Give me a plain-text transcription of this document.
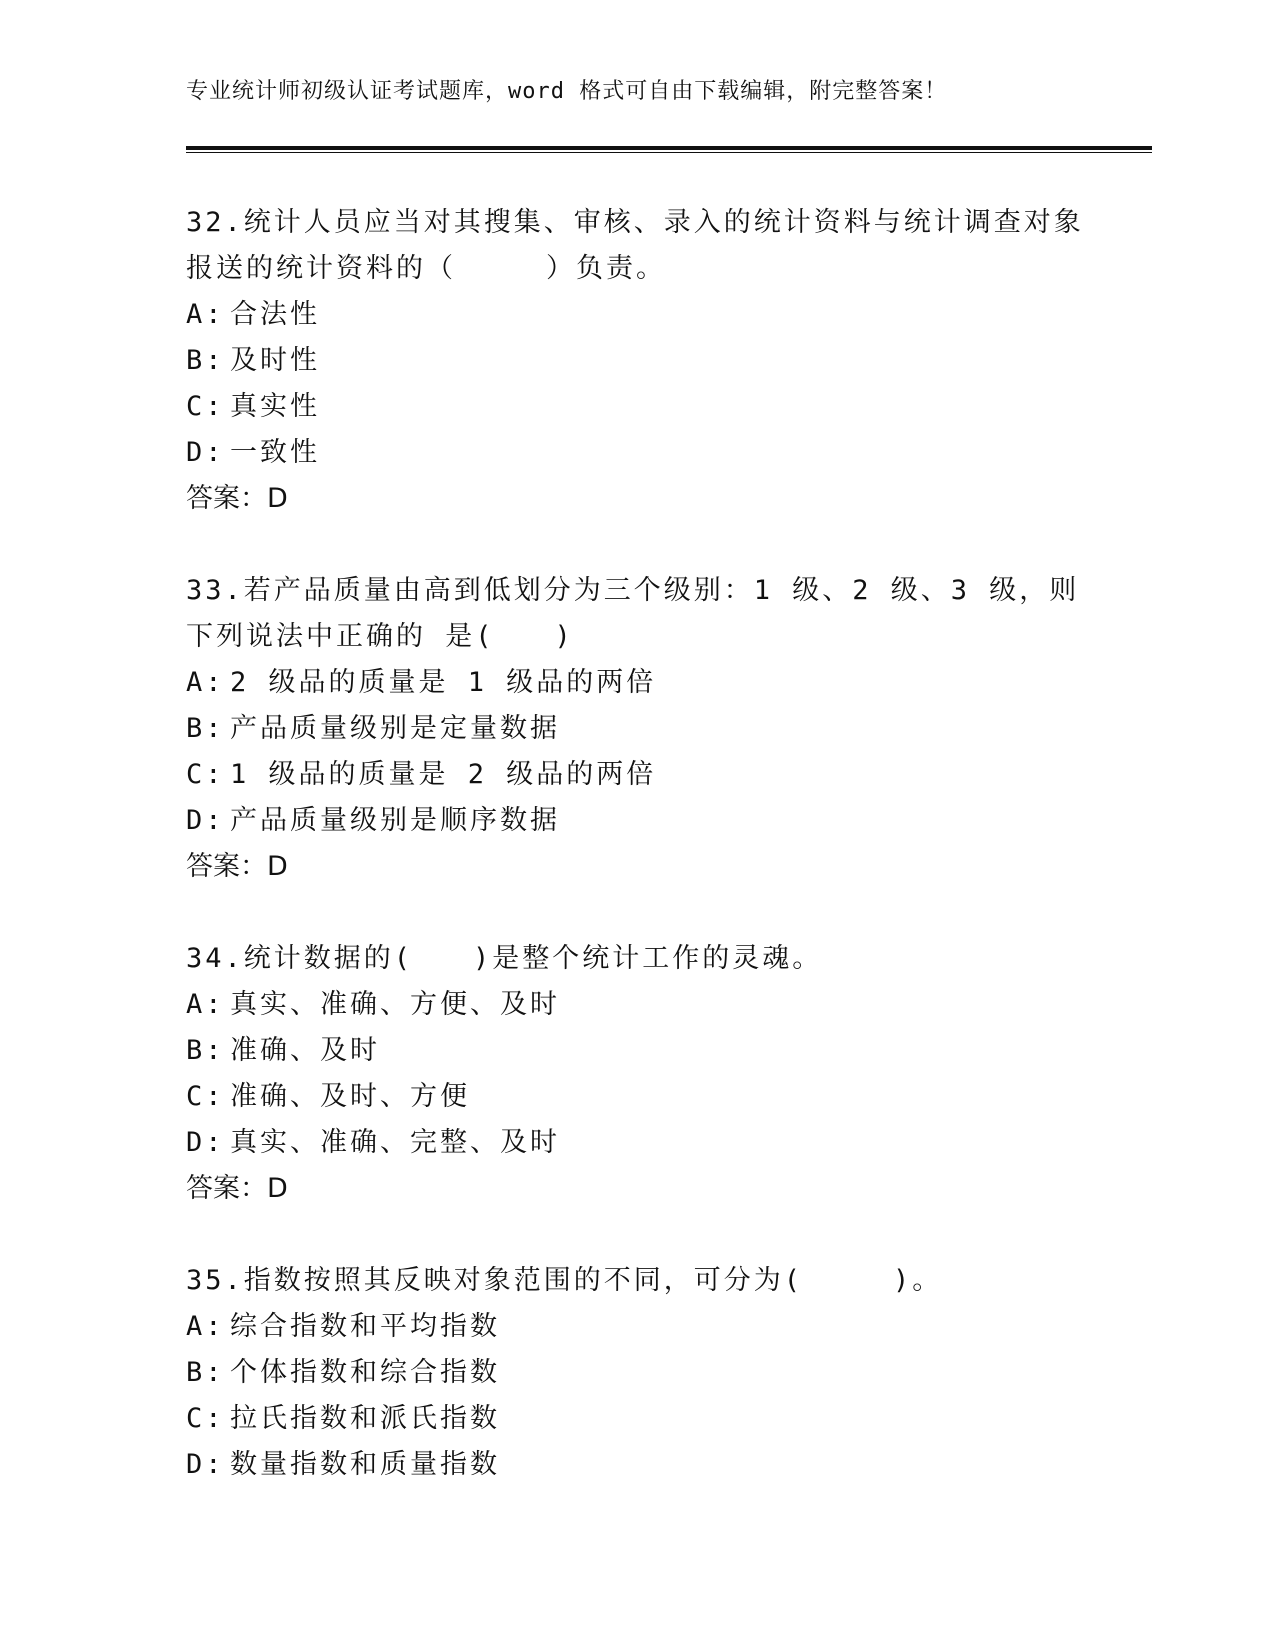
专业统计师初级认证考试题库，word 格式可自由下载编辑，附完整答案！

32.统计人员应当对其搜集、审核、录入的统计资料与统计调查对象报送的统计资料的（　　　）负责。

A: 合法性

B: 及时性

C: 真实性

D: 一致性

答案：D

33.若产品质量由高到低划分为三个级别：1 级、2 级、3 级，则下列说法中正确的 是(　　)

A: 2 级品的质量是 1 级品的两倍

B: 产品质量级别是定量数据

C: 1 级品的质量是 2 级品的两倍

D: 产品质量级别是顺序数据

答案：D

34.统计数据的(　　)是整个统计工作的灵魂。

A: 真实、准确、方便、及时

B: 准确、及时

C: 准确、及时、方便

D: 真实、准确、完整、及时

答案：D

35.指数按照其反映对象范围的不同，可分为(　　　)。

A: 综合指数和平均指数

B: 个体指数和综合指数

C: 拉氏指数和派氏指数

D: 数量指数和质量指数
